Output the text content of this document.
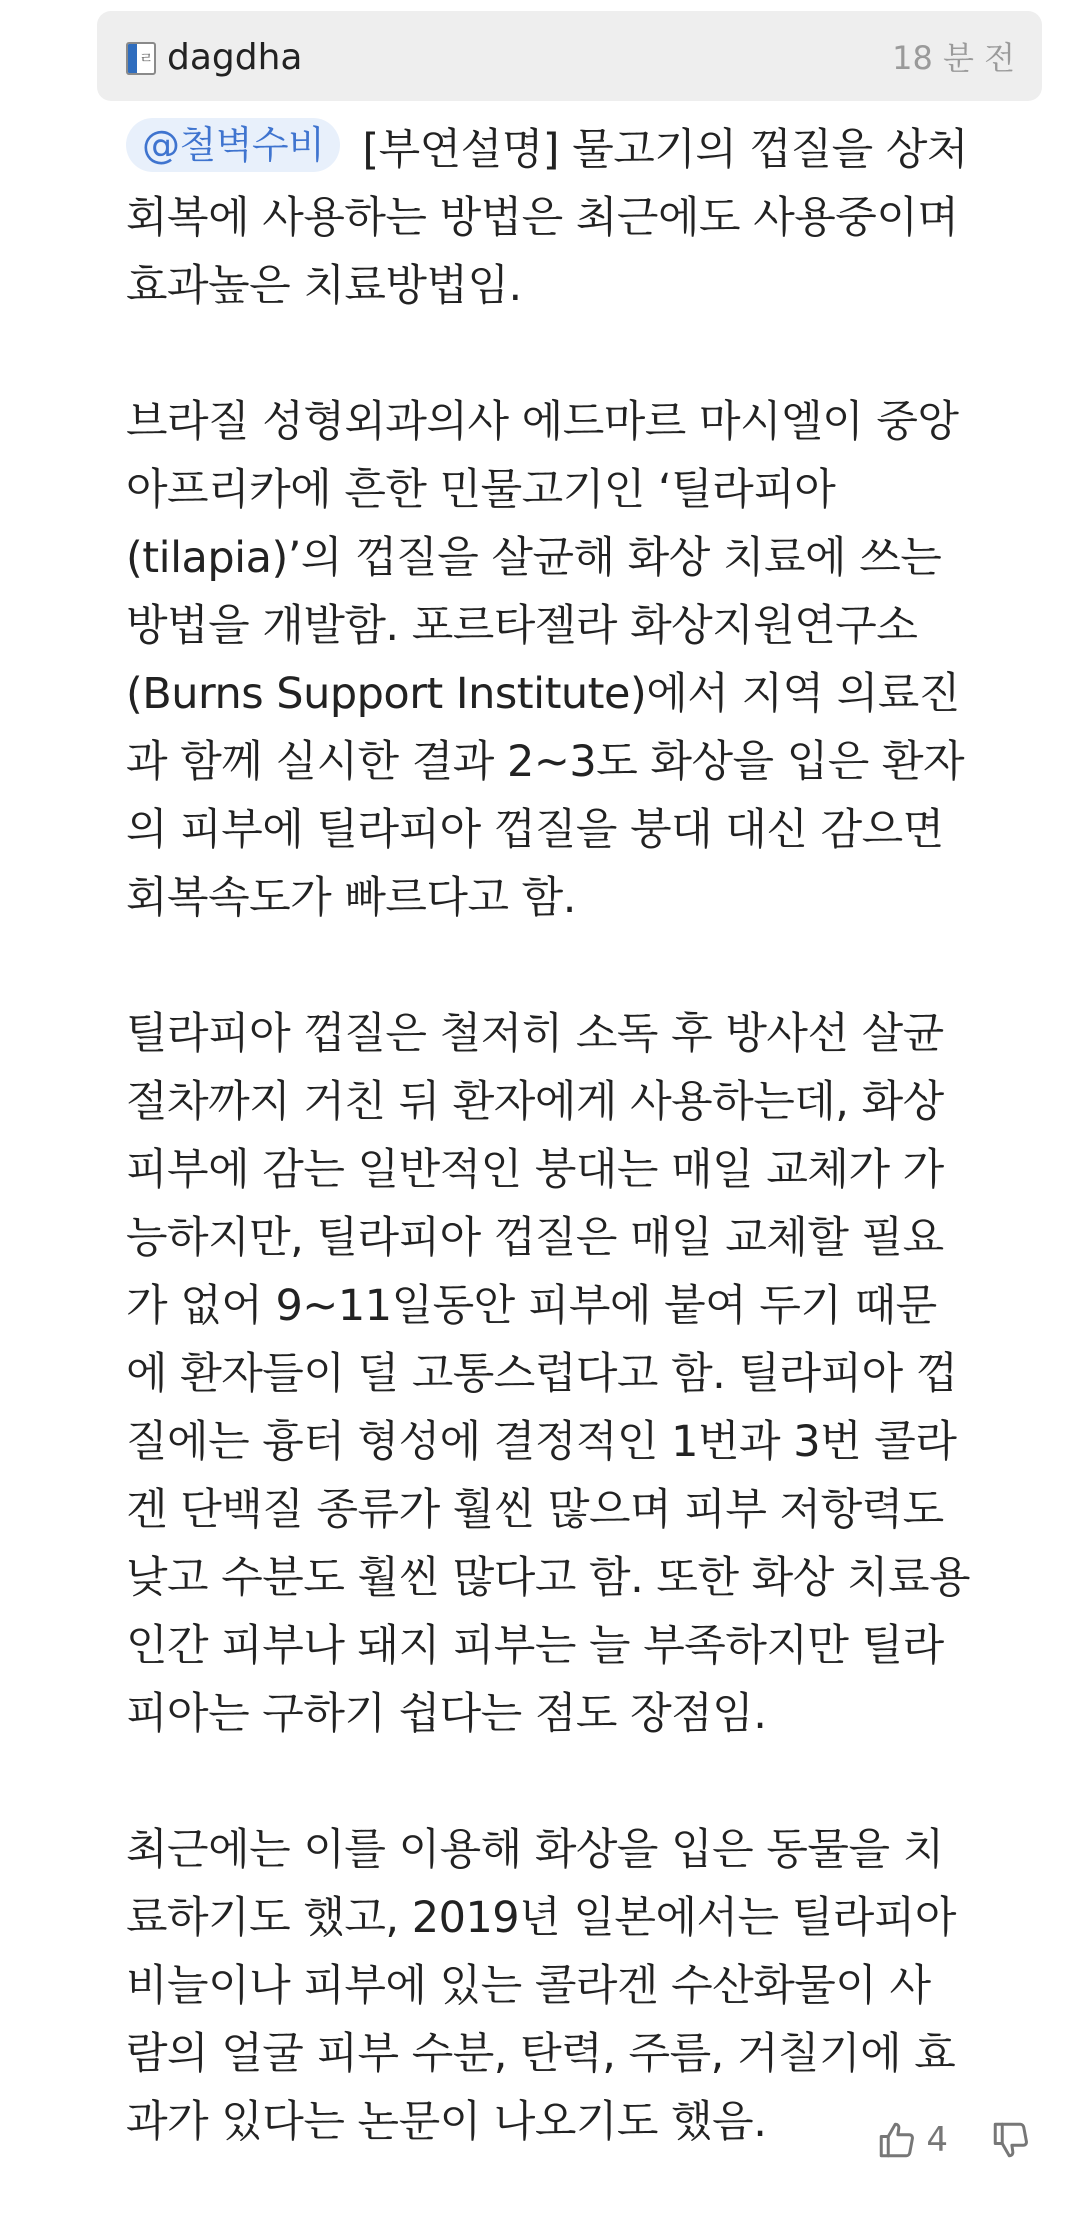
ㄹ dagdha	18 분 전

@철벽수비 [부연설명] 물고기의 껍질을 상처
회복에 사용하는 방법은 최근에도 사용중이며
효과높은 치료방법임.

브라질 성형외과의사 에드마르 마시엘이 중앙
아프리카에 흔한 민물고기인 ‘틸라피아
(tilapia)’의 껍질을 살균해 화상 치료에 쓰는
방법을 개발함. 포르타젤라 화상지원연구소
(Burns Support Institute)에서 지역 의료진
과 함께 실시한 결과 2~3도 화상을 입은 환자
의 피부에 틸라피아 껍질을 붕대 대신 감으면
회복속도가 빠르다고 함.

틸라피아 껍질은 철저히 소독 후 방사선 살균
절차까지 거친 뒤 환자에게 사용하는데, 화상
피부에 감는 일반적인 붕대는 매일 교체가 가
능하지만, 틸라피아 껍질은 매일 교체할 필요
가 없어 9~11일동안 피부에 붙여 두기 때문
에 환자들이 덜 고통스럽다고 함. 틸라피아 껍
질에는 흉터 형성에 결정적인 1번과 3번 콜라
겐 단백질 종류가 훨씬 많으며 피부 저항력도
낮고 수분도 훨씬 많다고 함. 또한 화상 치료용
인간 피부나 돼지 피부는 늘 부족하지만 틸라
피아는 구하기 쉽다는 점도 장점임.

최근에는 이를 이용해 화상을 입은 동물을 치
료하기도 했고, 2019년 일본에서는 틸라피아
비늘이나 피부에 있는 콜라겐 수산화물이 사
람의 얼굴 피부 수분, 탄력, 주름, 거칠기에 효
과가 있다는 논문이 나오기도 했음.	4
